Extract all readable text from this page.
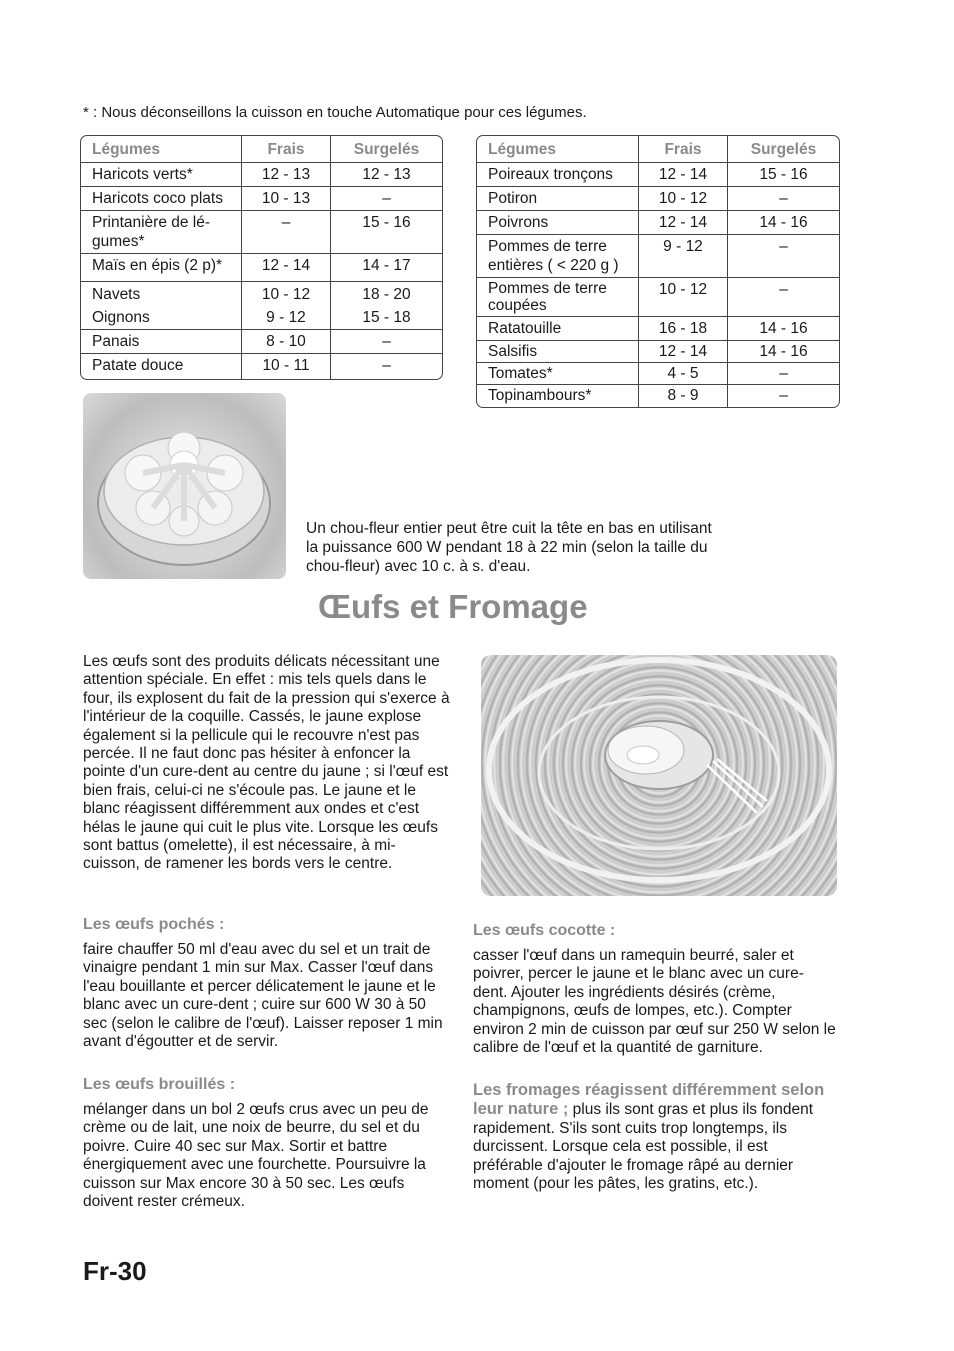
* : Nous déconseillons la cuisson en touche Automatique pour ces légumes.
Légumes	Frais	Surgelés
Haricots verts*	12 - 13	12 - 13
Haricots coco plats	10 - 13	–
Printanière de lé-gumes*	–	15 - 16
Maïs en épis (2 p)*	12 - 14	14 - 17
Navets	10 - 12	18 - 20
Oignons	9 - 12	15 - 18
Panais	8 - 10	–
Patate douce	10 - 11	–
Légumes	Frais	Surgelés
Poireaux tronçons	12 - 14	15 - 16
Potiron	10 - 12	–
Poivrons	12 - 14	14 - 16
Pommes de terre entières ( < 220 g )	9 - 12	–
Pommes de terre coupées	10 - 12	–
Ratatouille	16 - 18	14 - 16
Salsifis	12 - 14	14 - 16
Tomates*	4 - 5	–
Topinambours*	8 - 9	–
Un chou-fleur entier peut être cuit la tête en bas en utilisant la puissance 600 W pendant 18 à 22 min (selon la taille du chou-fleur) avec 10 c. à s. d'eau.
Œufs et Fromage
Les œufs sont des produits délicats nécessitant une attention spéciale. En effet : mis tels quels dans le four, ils explosent du fait de la pression qui s'exerce à l'intérieur de la coquille. Cassés, le jaune explose également si la pellicule qui le recouvre n'est pas percée. Il ne faut donc pas hésiter à enfoncer la pointe d'un cure-dent au centre du jaune ; si l'œuf est bien frais, celui-ci ne s'écoule pas. Le jaune et le blanc réagissent différemment aux ondes et c'est hélas le jaune qui cuit le plus vite. Lorsque les œufs sont battus (omelette), il est nécessaire, à mi-cuisson, de ramener les bords vers le centre.
Les œufs pochés :
faire chauffer 50 ml d'eau avec du sel et un trait de vinaigre pendant 1 min sur Max. Casser l'œuf dans l'eau bouillante et percer délicatement le jaune et le blanc avec un cure-dent ; cuire sur 600 W 30 à 50 sec (selon le calibre de l'œuf). Laisser reposer 1 min avant d'égoutter et de servir.
Les œufs brouillés :
mélanger dans un bol 2 œufs crus avec un peu de crème ou de lait, une noix de beurre, du sel et du poivre. Cuire 40 sec sur Max. Sortir et battre énergiquement avec une fourchette. Poursuivre la cuisson sur Max encore 30 à 50 sec. Les œufs doivent rester crémeux.
Les œufs cocotte :
casser l'œuf dans un ramequin beurré, saler et poivrer, percer le jaune et le blanc avec un cure-dent. Ajouter les ingrédients désirés (crème, champignons, œufs de lompes, etc.). Compter environ 2 min de cuisson par œuf sur 250 W selon le calibre de l'œuf et la quantité de garniture.
Les fromages réagissent différemment selon leur nature ; plus ils sont gras et plus ils fondent rapidement. S'ils sont cuits trop longtemps, ils durcissent. Lorsque cela est possible, il est préférable d'ajouter le fromage râpé au dernier moment (pour les pâtes, les gratins, etc.).
Fr-30
